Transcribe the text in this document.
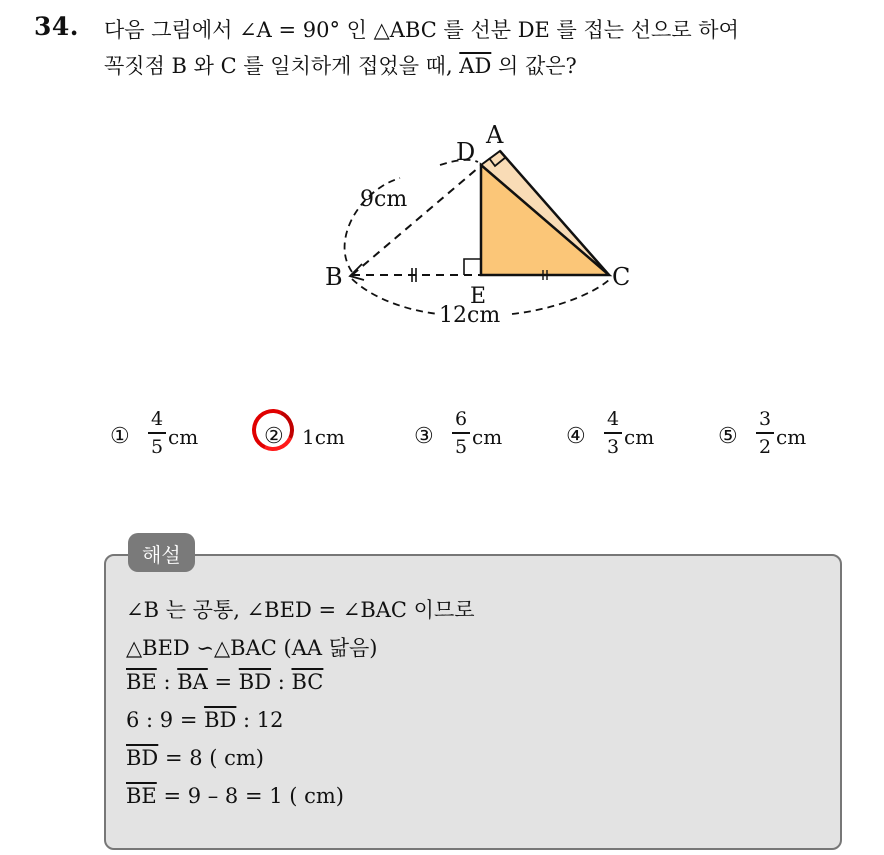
34. 다음 그림에서 ∠A = 90° 인 △ABC 를 선분 DE 를 접는 선으로 하여
꼭짓점 B 와 C 를 일치하게 접었을 때, $\overline{AD}$ 의 값은?
A
D
B	C
E
9cm
12cm
①
4
5 cm	② 1cm	③
6
5 cm	④
4
3 cm	⑤
3
2 cm
해설
∠B 는 공통, ∠BED = ∠BAC 이므로
△BED ∽△BAC (AA 닮음)
$\overline{BE}$ : $\overline{BA} = \overline{BD}$ : $\overline{BC}$
6 : $9 = \overline{BD}$ : 12
$\overline{BD} = 8$ ( cm)
$\overline{BE} = 9 - 8 = 1$ ( cm)
